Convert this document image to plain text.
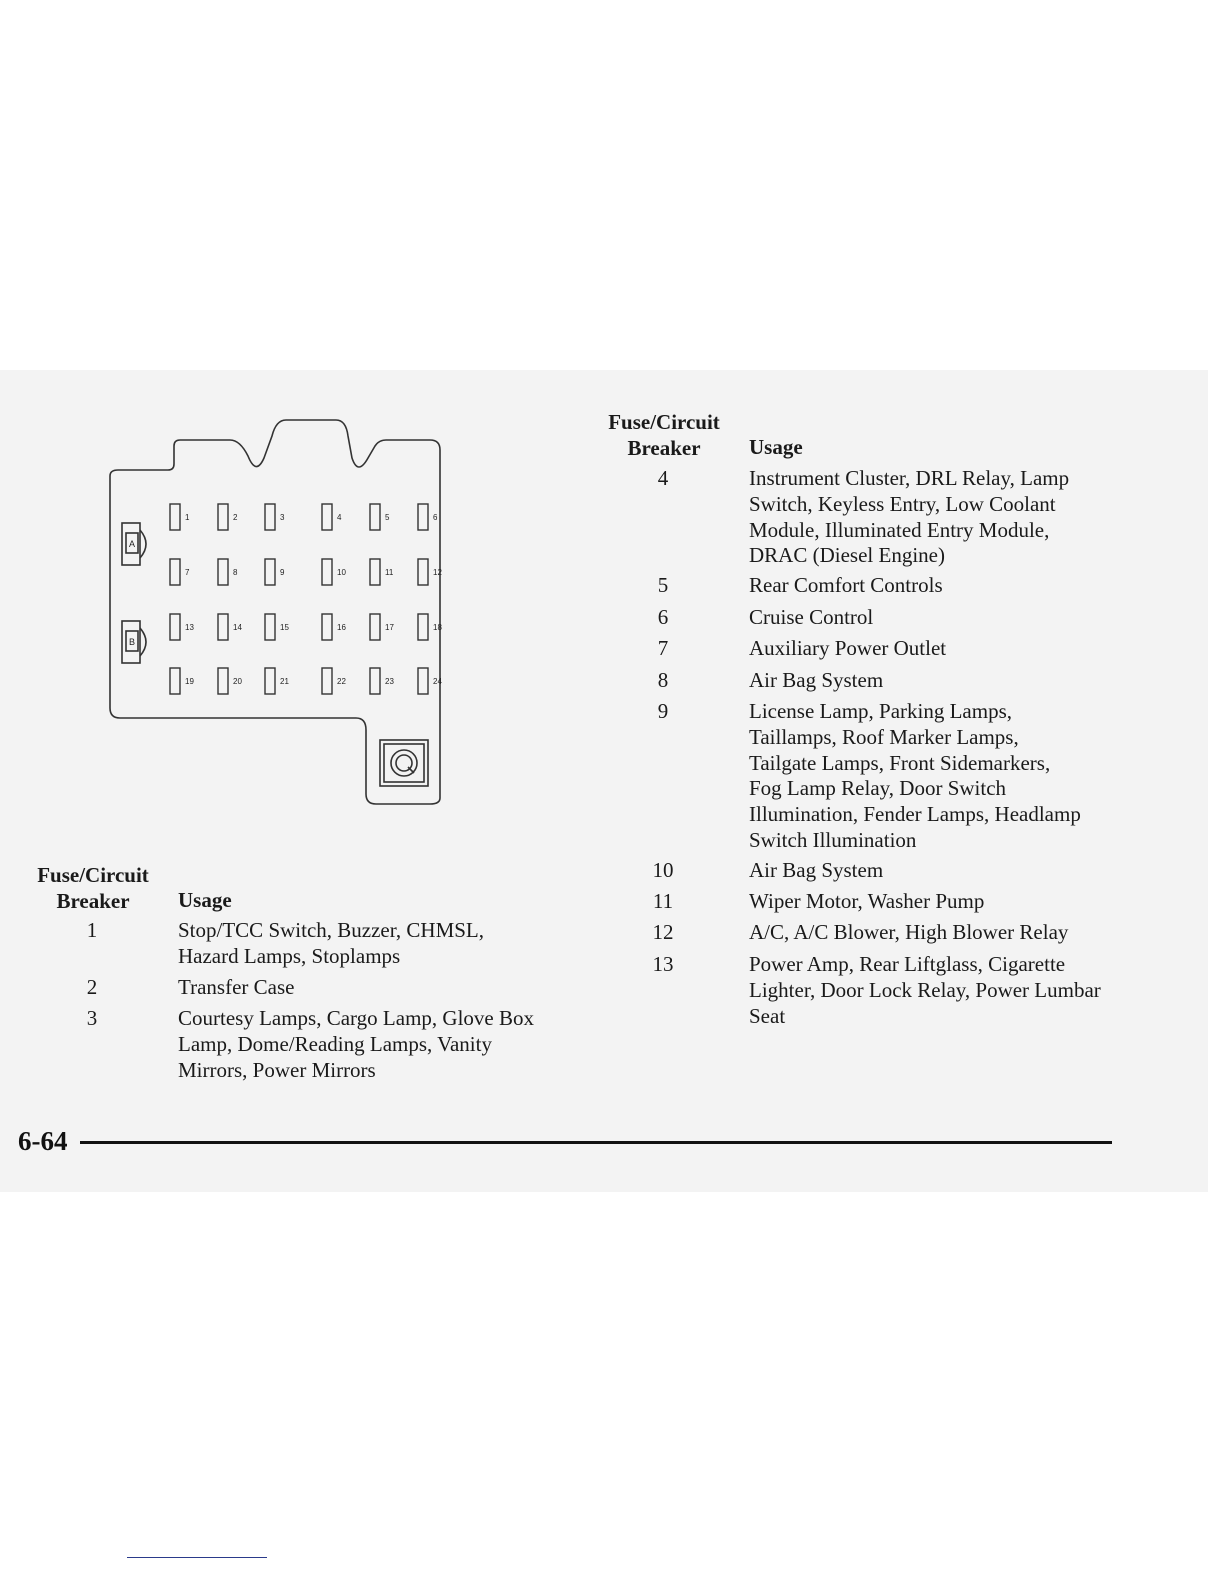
A
B
1	2	3	4	5	6
7	8	9	10	11	12
13	14	15	16	17	18
19	20	21	22	23	24
Fuse/Circuit
Breaker	Usage
1	Stop/TCC Switch, Buzzer, CHMSL, Hazard Lamps, Stoplamps
2	Transfer Case
3	Courtesy Lamps, Cargo Lamp, Glove Box Lamp, Dome/Reading Lamps, Vanity Mirrors, Power Mirrors
Fuse/Circuit
Breaker	Usage
4	Instrument Cluster, DRL Relay, Lamp Switch, Keyless Entry, Low Coolant Module, Illuminated Entry Module, DRAC (Diesel Engine)
5	Rear Comfort Controls
6	Cruise Control
7	Auxiliary Power Outlet
8	Air Bag System
9	License Lamp, Parking Lamps, Taillamps, Roof Marker Lamps, Tailgate Lamps, Front Sidemarkers, Fog Lamp Relay, Door Switch Illumination, Fender Lamps, Headlamp Switch Illumination
10	Air Bag System
11	Wiper Motor, Washer Pump
12	A/C, A/C Blower, High Blower Relay
13	Power Amp, Rear Liftglass, Cigarette Lighter, Door Lock Relay, Power Lumbar Seat
6-64
